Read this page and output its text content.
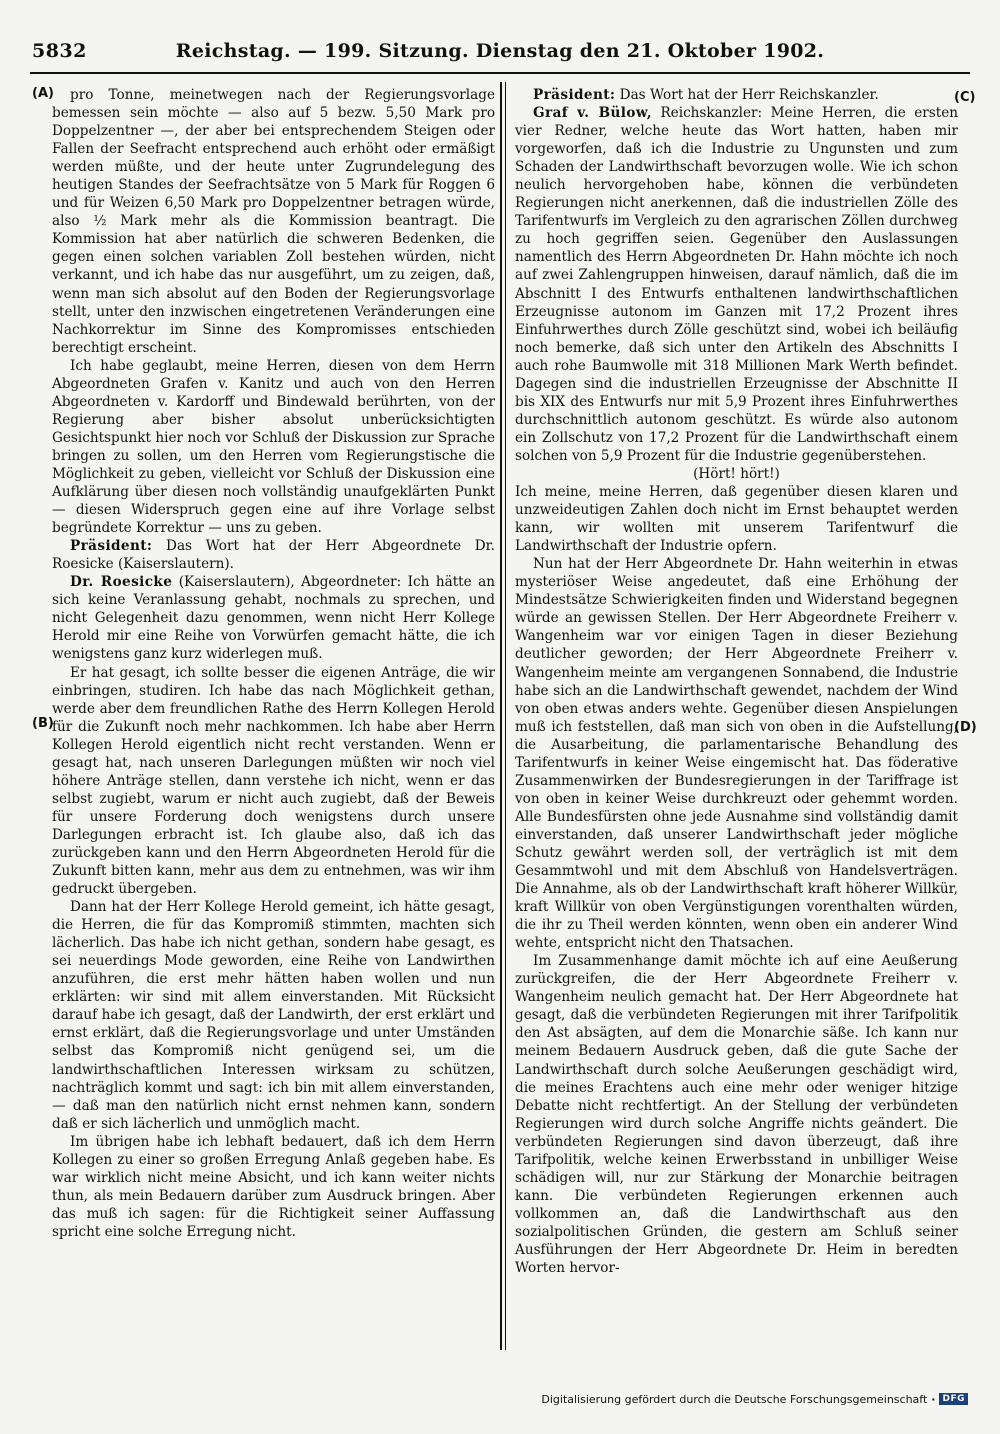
5832	Reichstag. — 199. Sitzung. Dienstag den 21. Oktober 1902.
(A)
(B)
(C)
(D)

pro Tonne, meinetwegen nach der Regierungsvorlage bemessen sein möchte — also auf 5 bezw. 5,50 Mark pro Doppelzentner —, der aber bei entsprechendem Steigen oder Fallen der Seefracht entsprechend auch erhöht oder ermäßigt werden müßte, und der heute unter Zugrundelegung des heutigen Standes der Seefrachtsätze von 5 Mark für Roggen 6 und für Weizen 6,50 Mark pro Doppelzentner betragen würde, also ½ Mark mehr als die Kommission beantragt. Die Kommission hat aber natürlich die schweren Bedenken, die gegen einen solchen variablen Zoll bestehen würden, nicht verkannt, und ich habe das nur ausgeführt, um zu zeigen, daß, wenn man sich absolut auf den Boden der Regierungsvorlage stellt, unter den inzwischen eingetretenen Veränderungen eine Nachkorrektur im Sinne des Kompromisses entschieden berechtigt erscheint.

Ich habe geglaubt, meine Herren, diesen von dem Herrn Abgeordneten Grafen v. Kanitz und auch von den Herren Abgeordneten v. Kardorff und Bindewald berührten, von der Regierung aber bisher absolut unberücksichtigten Gesichtspunkt hier noch vor Schluß der Diskussion zur Sprache bringen zu sollen, um den Herren vom Regierungstische die Möglichkeit zu geben, vielleicht vor Schluß der Diskussion eine Aufklärung über diesen noch vollständig unaufgeklärten Punkt — diesen Widerspruch gegen eine auf ihre Vorlage selbst begründete Korrektur — uns zu geben.

Präsident: Das Wort hat der Herr Abgeordnete Dr. Roesicke (Kaiserslautern).

Dr. Roesicke (Kaiserslautern), Abgeordneter: Ich hätte an sich keine Veranlassung gehabt, nochmals zu sprechen, und nicht Gelegenheit dazu genommen, wenn nicht Herr Kollege Herold mir eine Reihe von Vorwürfen gemacht hätte, die ich wenigstens ganz kurz widerlegen muß.

Er hat gesagt, ich sollte besser die eigenen Anträge, die wir einbringen, studiren. Ich habe das nach Möglichkeit gethan, werde aber dem freundlichen Rathe des Herrn Kollegen Herold für die Zukunft noch mehr nachkommen. Ich habe aber Herrn Kollegen Herold eigentlich nicht recht verstanden. Wenn er gesagt hat, nach unseren Darlegungen müßten wir noch viel höhere Anträge stellen, dann verstehe ich nicht, wenn er das selbst zugiebt, warum er nicht auch zugiebt, daß der Beweis für unsere Forderung doch wenigstens durch unsere Darlegungen erbracht ist. Ich glaube also, daß ich das zurückgeben kann und den Herrn Abgeordneten Herold für die Zukunft bitten kann, mehr aus dem zu entnehmen, was wir ihm gedruckt übergeben.

Dann hat der Herr Kollege Herold gemeint, ich hätte gesagt, die Herren, die für das Kompromiß stimmten, machten sich lächerlich. Das habe ich nicht gethan, sondern habe gesagt, es sei neuerdings Mode geworden, eine Reihe von Landwirthen anzuführen, die erst mehr hätten haben wollen und nun erklärten: wir sind mit allem einverstanden. Mit Rücksicht darauf habe ich gesagt, daß der Landwirth, der erst erklärt und ernst erklärt, daß die Regierungsvorlage und unter Umständen selbst das Kompromiß nicht genügend sei, um die landwirthschaftlichen Interessen wirksam zu schützen, nachträglich kommt und sagt: ich bin mit allem einverstanden, — daß man den natürlich nicht ernst nehmen kann, sondern daß er sich lächerlich und unmöglich macht.

Im übrigen habe ich lebhaft bedauert, daß ich dem Herrn Kollegen zu einer so großen Erregung Anlaß gegeben habe. Es war wirklich nicht meine Absicht, und ich kann weiter nichts thun, als mein Bedauern darüber zum Ausdruck bringen. Aber das muß ich sagen: für die Richtigkeit seiner Auffassung spricht eine solche Erregung nicht.

Präsident: Das Wort hat der Herr Reichskanzler.

Graf v. Bülow, Reichskanzler: Meine Herren, die ersten vier Redner, welche heute das Wort hatten, haben mir vorgeworfen, daß ich die Industrie zu Ungunsten und zum Schaden der Landwirthschaft bevorzugen wolle. Wie ich schon neulich hervorgehoben habe, können die verbündeten Regierungen nicht anerkennen, daß die industriellen Zölle des Tarifentwurfs im Vergleich zu den agrarischen Zöllen durchweg zu hoch gegriffen seien. Gegenüber den Auslassungen namentlich des Herrn Abgeordneten Dr. Hahn möchte ich noch auf zwei Zahlengruppen hinweisen, darauf nämlich, daß die im Abschnitt I des Entwurfs enthaltenen landwirthschaftlichen Erzeugnisse autonom im Ganzen mit 17,2 Prozent ihres Einfuhrwerthes durch Zölle geschützt sind, wobei ich beiläufig noch bemerke, daß sich unter den Artikeln des Abschnitts I auch rohe Baumwolle mit 318 Millionen Mark Werth befindet. Dagegen sind die industriellen Erzeugnisse der Abschnitte II bis XIX des Entwurfs nur mit 5,9 Prozent ihres Einfuhrwerthes durchschnittlich autonom geschützt. Es würde also autonom ein Zollschutz von 17,2 Prozent für die Landwirthschaft einem solchen von 5,9 Prozent für die Industrie gegenüberstehen.

(Hört! hört!)

Ich meine, meine Herren, daß gegenüber diesen klaren und unzweideutigen Zahlen doch nicht im Ernst behauptet werden kann, wir wollten mit unserem Tarifentwurf die Landwirthschaft der Industrie opfern.

Nun hat der Herr Abgeordnete Dr. Hahn weiterhin in etwas mysteriöser Weise angedeutet, daß eine Erhöhung der Mindestsätze Schwierigkeiten finden und Widerstand begegnen würde an gewissen Stellen. Der Herr Abgeordnete Freiherr v. Wangenheim war vor einigen Tagen in dieser Beziehung deutlicher geworden; der Herr Abgeordnete Freiherr v. Wangenheim meinte am vergangenen Sonnabend, die Industrie habe sich an die Landwirthschaft gewendet, nachdem der Wind von oben etwas anders wehte. Gegenüber diesen Anspielungen muß ich feststellen, daß man sich von oben in die Aufstellung, die Ausarbeitung, die parlamentarische Behandlung des Tarifentwurfs in keiner Weise eingemischt hat. Das föderative Zusammenwirken der Bundesregierungen in der Tariffrage ist von oben in keiner Weise durchkreuzt oder gehemmt worden. Alle Bundesfürsten ohne jede Ausnahme sind vollständig damit einverstanden, daß unserer Landwirthschaft jeder mögliche Schutz gewährt werden soll, der verträglich ist mit dem Gesammtwohl und mit dem Abschluß von Handelsverträgen. Die Annahme, als ob der Landwirthschaft kraft höherer Willkür, kraft Willkür von oben Vergünstigungen vorenthalten würden, die ihr zu Theil werden könnten, wenn oben ein anderer Wind wehte, entspricht nicht den Thatsachen.

Im Zusammenhange damit möchte ich auf eine Aeußerung zurückgreifen, die der Herr Abgeordnete Freiherr v. Wangenheim neulich gemacht hat. Der Herr Abgeordnete hat gesagt, daß die verbündeten Regierungen mit ihrer Tarifpolitik den Ast absägten, auf dem die Monarchie säße. Ich kann nur meinem Bedauern Ausdruck geben, daß die gute Sache der Landwirthschaft durch solche Aeußerungen geschädigt wird, die meines Erachtens auch eine mehr oder weniger hitzige Debatte nicht rechtfertigt. An der Stellung der verbündeten Regierungen wird durch solche Angriffe nichts geändert. Die verbündeten Regierungen sind davon überzeugt, daß ihre Tarifpolitik, welche keinen Erwerbsstand in unbilliger Weise schädigen will, nur zur Stärkung der Monarchie beitragen kann. Die verbündeten Regierungen erkennen auch vollkommen an, daß die Landwirthschaft aus den sozialpolitischen Gründen, die gestern am Schluß seiner Ausführungen der Herr Abgeordnete Dr. Heim in beredten Worten hervor-

Digitalisierung gefördert durch die Deutsche Forschungsgemeinschaft · DFG
